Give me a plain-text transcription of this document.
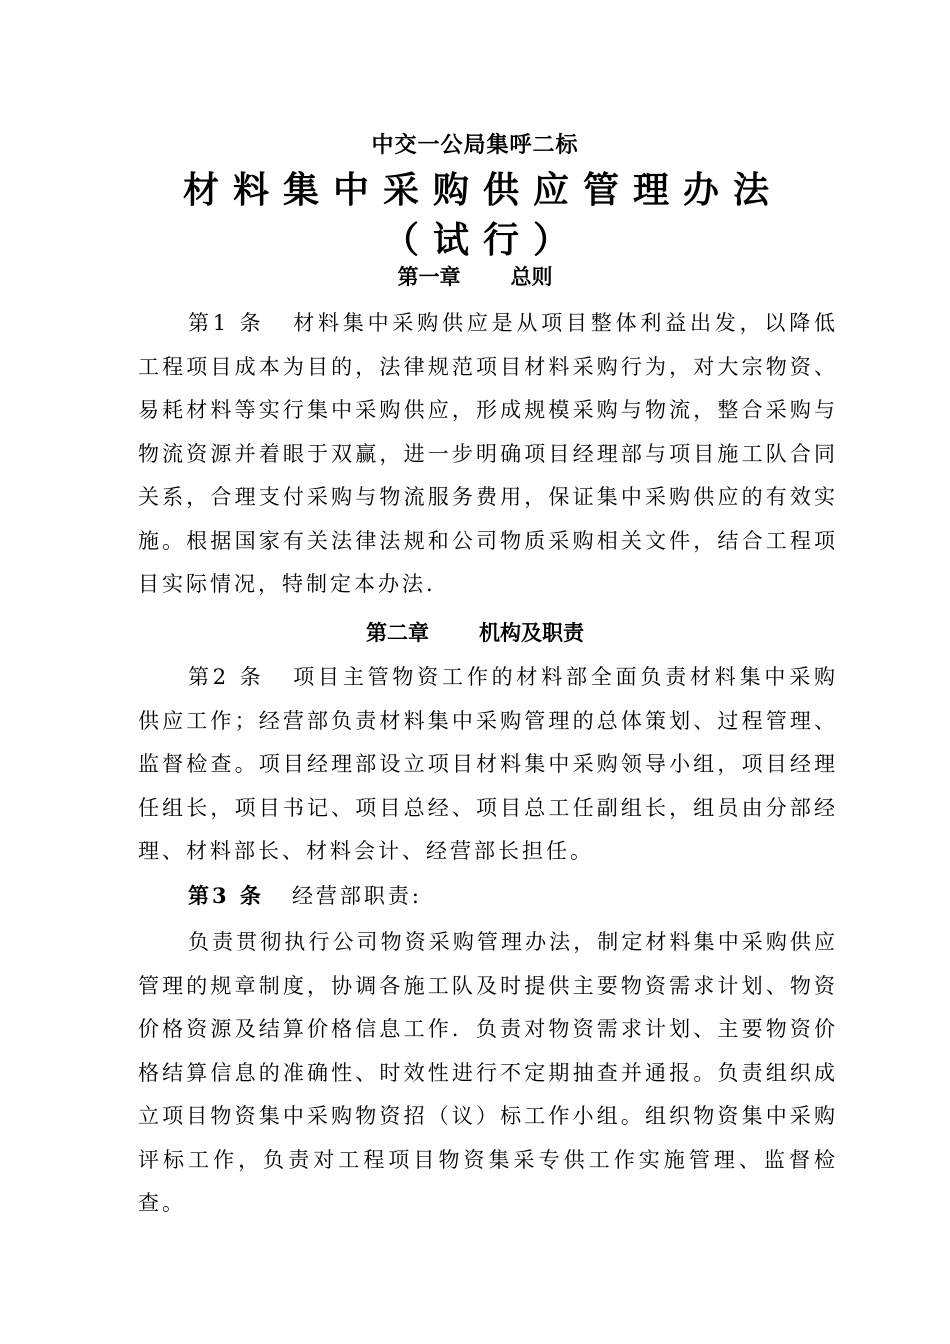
中交一公局集呼二标
材料集中采购供应管理办法（试行）
第一章 总则
第1 条 材料集中采购供应是从项目整体利益出发，以降低工程项目成本为目的，法律规范项目材料采购行为，对大宗物资、易耗材料等实行集中采购供应，形成规模采购与物流，整合采购与物流资源并着眼于双赢，进一步明确项目经理部与项目施工队合同关系，合理支付采购与物流服务费用，保证集中采购供应的有效实施。根据国家有关法律法规和公司物质采购相关文件，结合工程项目实际情况，特制定本办法.
第二章 机构及职责
第2 条 项目主管物资工作的材料部全面负责材料集中采购供应工作；经营部负责材料集中采购管理的总体策划、过程管理、监督检查。项目经理部设立项目材料集中采购领导小组，项目经理任组长，项目书记、项目总经、项目总工任副组长，组员由分部经理、材料部长、材料会计、经营部长担任。
第3 条 经营部职责:
负责贯彻执行公司物资采购管理办法，制定材料集中采购供应管理的规章制度，协调各施工队及时提供主要物资需求计划、物资价格资源及结算价格信息工作．负责对物资需求计划、主要物资价格结算信息的准确性、时效性进行不定期抽查并通报。负责组织成立项目物资集中采购物资招（议）标工作小组。组织物资集中采购评标工作，负责对工程项目物资集采专供工作实施管理、监督检查。
